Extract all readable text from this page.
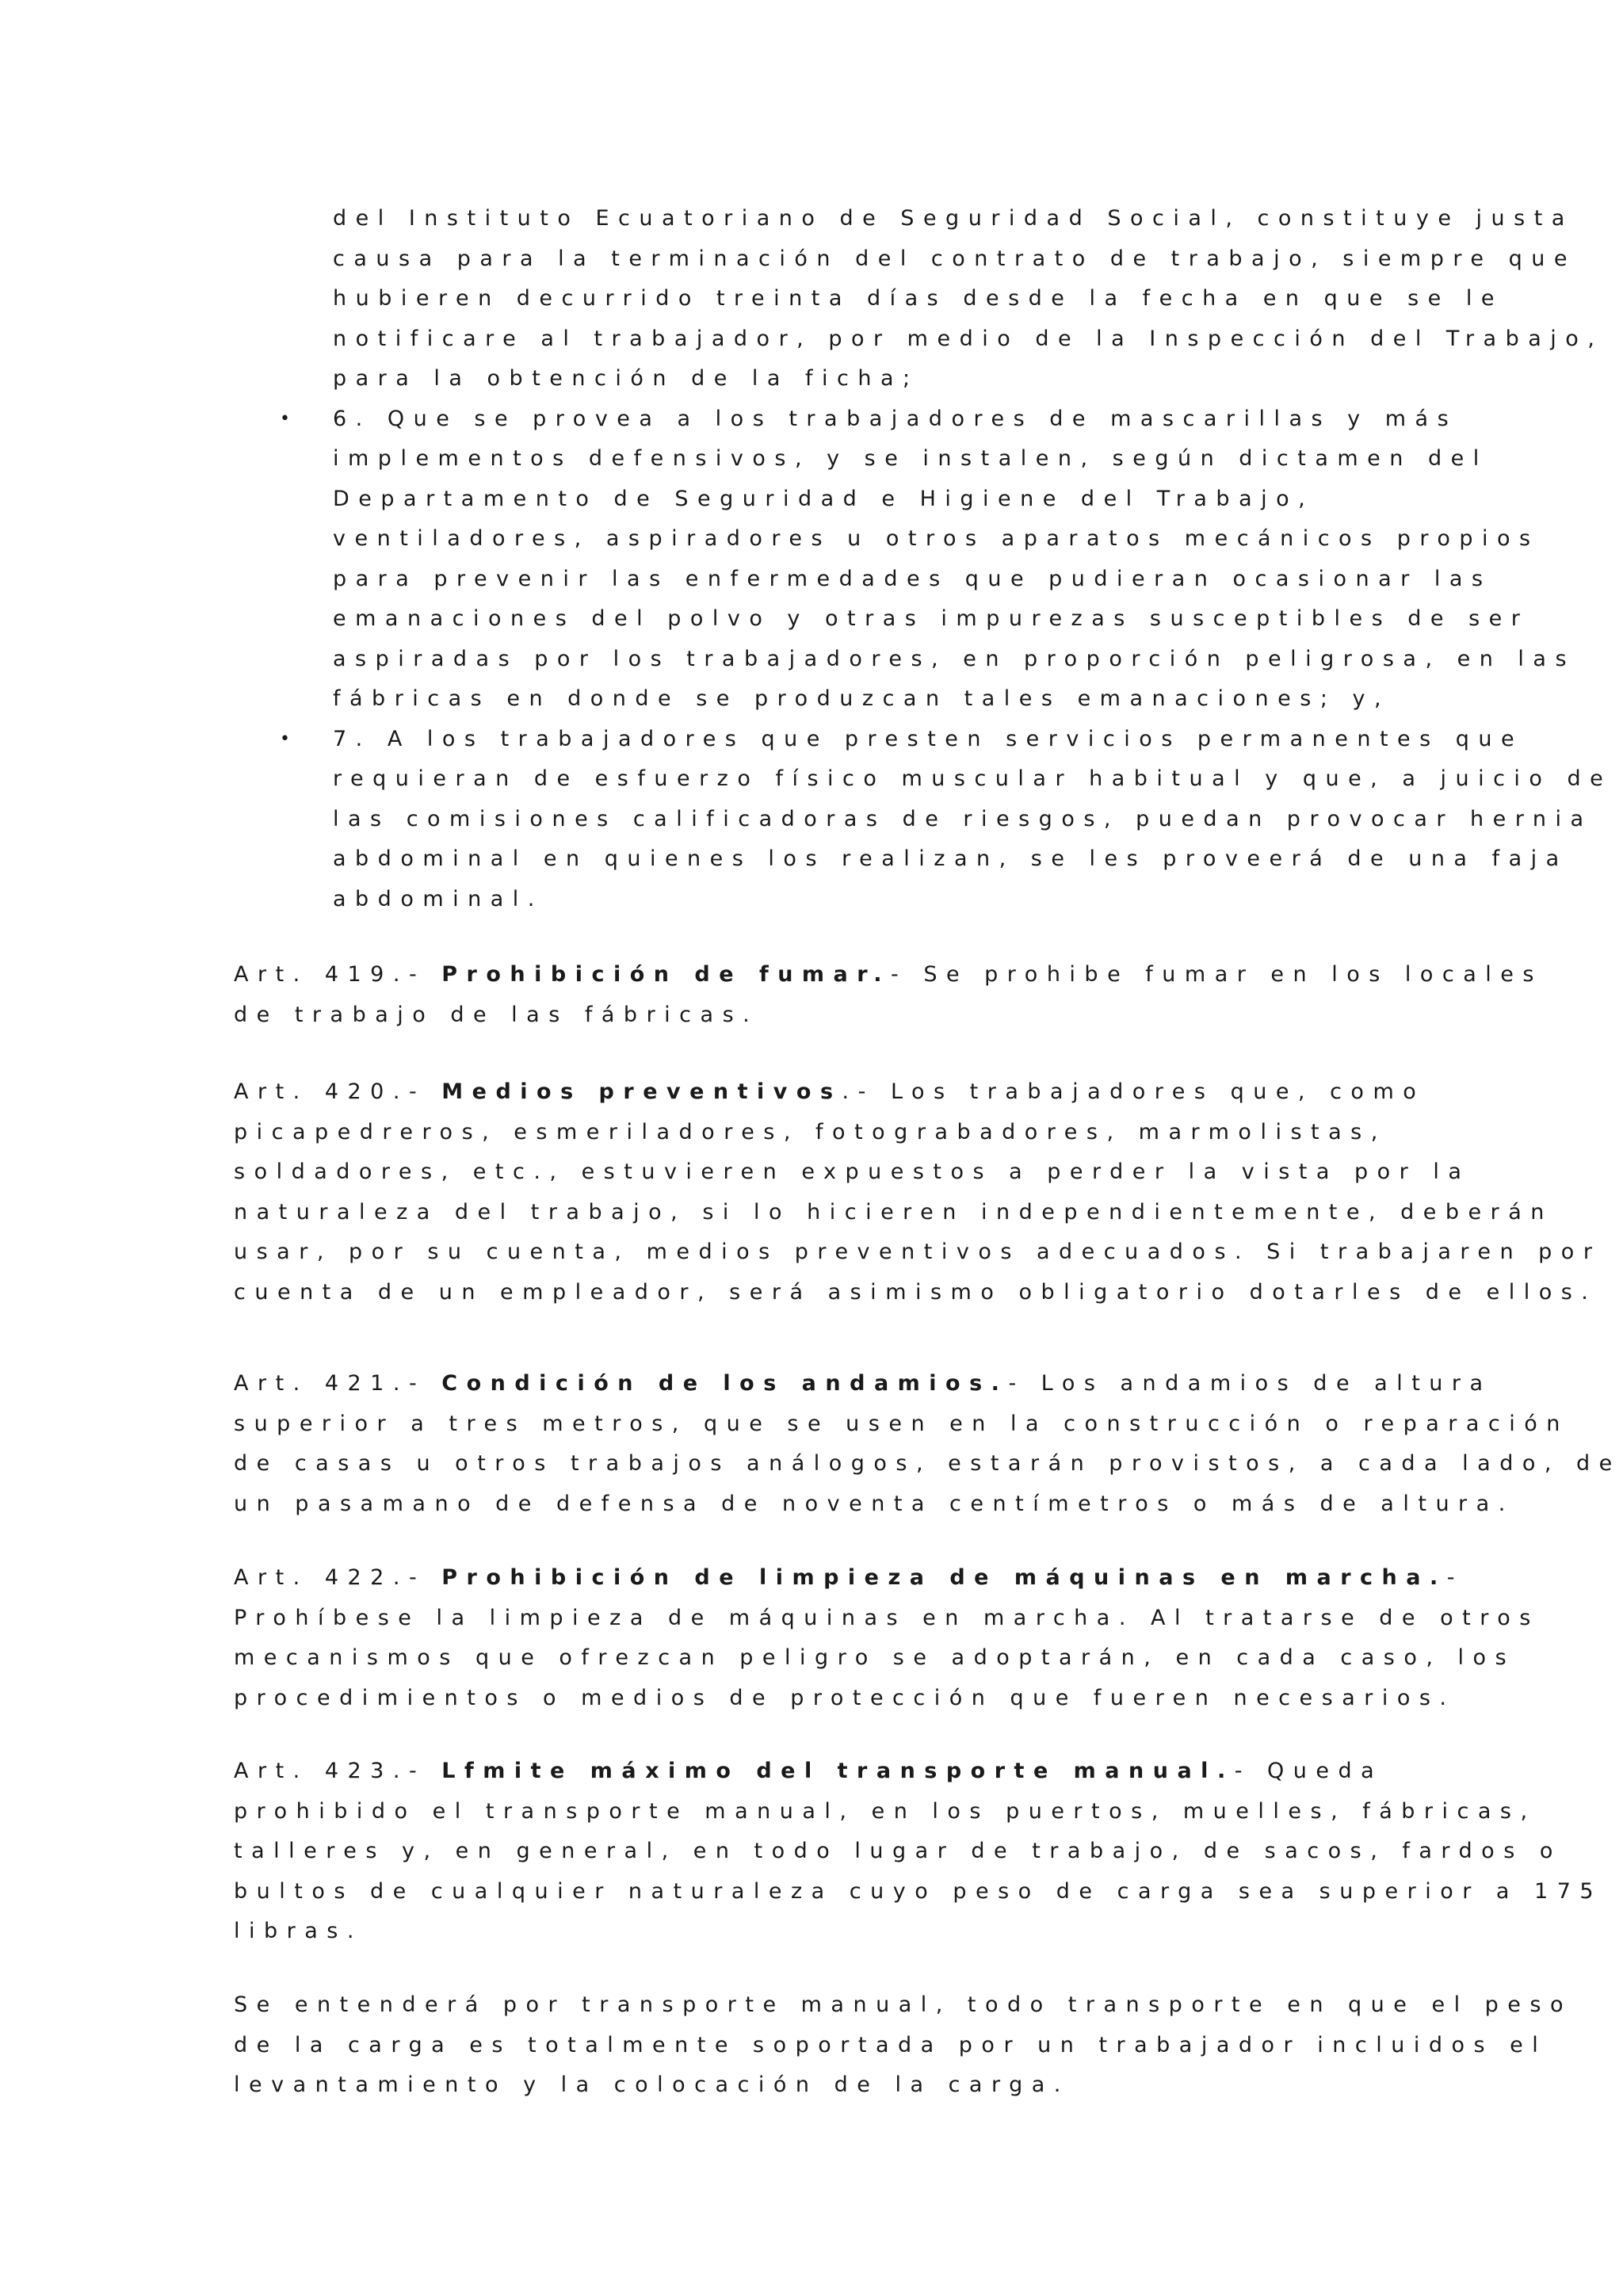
del Instituto Ecuatoriano de Seguridad Social, constituye justa
causa para la terminación del contrato de trabajo, siempre que
hubieren decurrido treinta días desde la fecha en que se le
notificare al trabajador, por medio de la Inspección del Trabajo,
para la obtención de la ficha;
• 6. Que se provea a los trabajadores de mascarillas y más
implementos defensivos, y se instalen, según dictamen del
Departamento de Seguridad e Higiene del Trabajo,
ventiladores, aspiradores u otros aparatos mecánicos propios
para prevenir las enfermedades que pudieran ocasionar las
emanaciones del polvo y otras impurezas susceptibles de ser
aspiradas por los trabajadores, en proporción peligrosa, en las
fábricas en donde se produzcan tales emanaciones; y,
• 7. A los trabajadores que presten servicios permanentes que
requieran de esfuerzo físico muscular habitual y que, a juicio de
las comisiones calificadoras de riesgos, puedan provocar hernia
abdominal en quienes los realizan, se les proveerá de una faja
abdominal.
Art. 419.- Prohibición de fumar.- Se prohibe fumar en los locales
de trabajo de las fábricas.
Art. 420.- Medios preventivos.- Los trabajadores que, como
picapedreros, esmeriladores, fotograbadores, marmolistas,
soldadores, etc., estuvieren expuestos a perder la vista por la
naturaleza del trabajo, si lo hicieren independientemente, deberán
usar, por su cuenta, medios preventivos adecuados. Si trabajaren por
cuenta de un empleador, será asimismo obligatorio dotarles de ellos.
Art. 421.- Condición de los andamios.- Los andamios de altura
superior a tres metros, que se usen en la construcción o reparación
de casas u otros trabajos análogos, estarán provistos, a cada lado, de
un pasamano de defensa de noventa centímetros o más de altura.
Art. 422.- Prohibición de limpieza de máquinas en marcha.-
Prohíbese la limpieza de máquinas en marcha. Al tratarse de otros
mecanismos que ofrezcan peligro se adoptarán, en cada caso, los
procedimientos o medios de protección que fueren necesarios.
Art. 423.- Lfmite máximo del transporte manual.- Queda
prohibido el transporte manual, en los puertos, muelles, fábricas,
talleres y, en general, en todo lugar de trabajo, de sacos, fardos o
bultos de cualquier naturaleza cuyo peso de carga sea superior a 175
libras.
Se entenderá por transporte manual, todo transporte en que el peso
de la carga es totalmente soportada por un trabajador incluidos el
levantamiento y la colocación de la carga.
